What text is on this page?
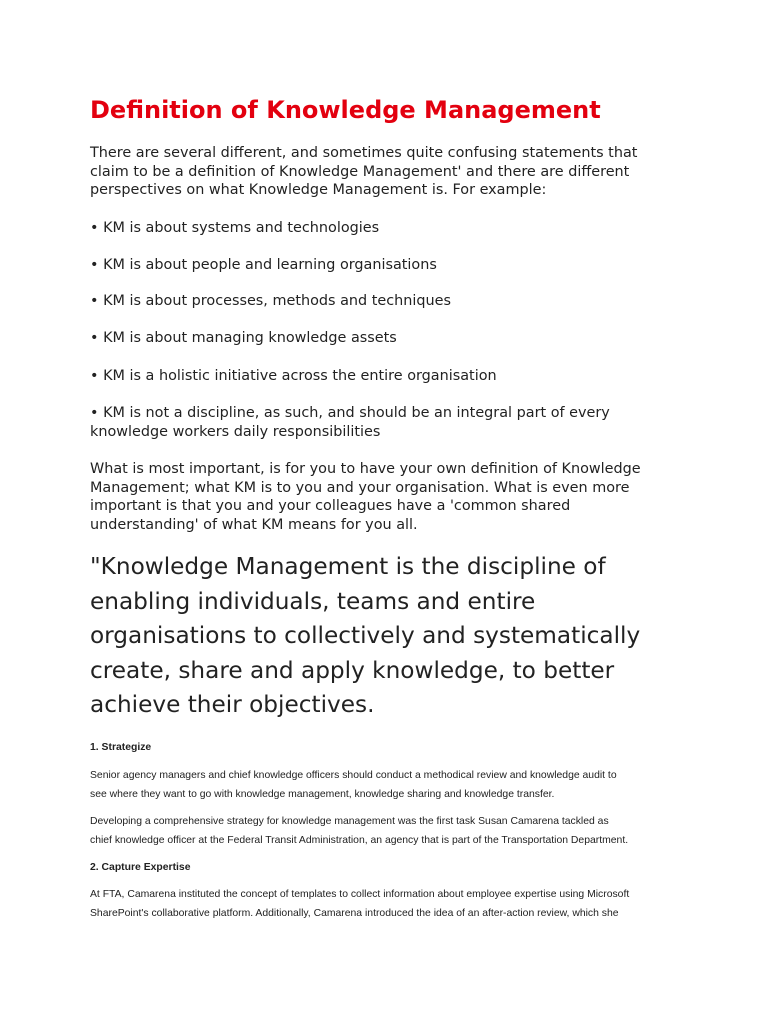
Definition of Knowledge Management

There are several different, and sometimes quite confusing statements that
claim to be a definition of Knowledge Management' and there are different
perspectives on what Knowledge Management is. For example:

• KM is about systems and technologies

• KM is about people and learning organisations

• KM is about processes, methods and techniques

• KM is about managing knowledge assets

• KM is a holistic initiative across the entire organisation

• KM is not a discipline, as such, and should be an integral part of every
knowledge workers daily responsibilities

What is most important, is for you to have your own definition of Knowledge
Management; what KM is to you and your organisation. What is even more
important is that you and your colleagues have a 'common shared
understanding' of what KM means for you all.

"Knowledge Management is the discipline of
enabling individuals, teams and entire
organisations to collectively and systematically
create, share and apply knowledge, to better
achieve their objectives.
1. Strategize

Senior agency managers and chief knowledge officers should conduct a methodical review and knowledge audit to
see where they want to go with knowledge management, knowledge sharing and knowledge transfer.

Developing a comprehensive strategy for knowledge management was the first task Susan Camarena tackled as
chief knowledge officer at the Federal Transit Administration, an agency that is part of the Transportation Department.

2. Capture Expertise

At FTA, Camarena instituted the concept of templates to collect information about employee expertise using Microsoft
SharePoint's collaborative platform. Additionally, Camarena introduced the idea of an after-action review, which she
